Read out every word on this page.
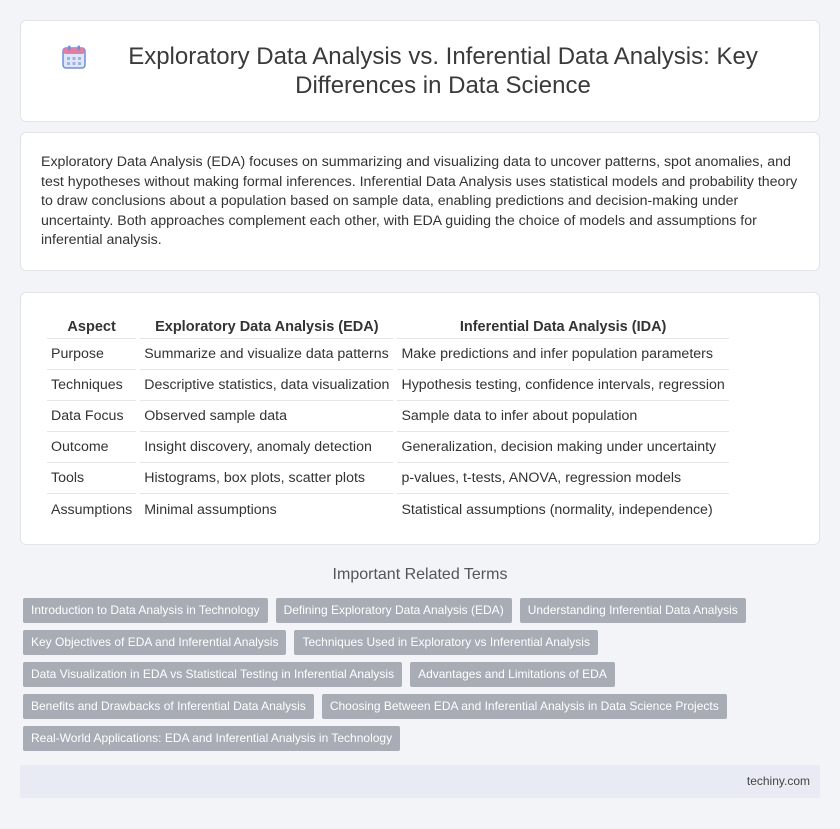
Exploratory Data Analysis vs. Inferential Data Analysis: Key Differences in Data Science

Exploratory Data Analysis (EDA) focuses on summarizing and visualizing data to uncover patterns, spot anomalies, and test hypotheses without making formal inferences. Inferential Data Analysis uses statistical models and probability theory to draw conclusions about a population based on sample data, enabling predictions and decision-making under uncertainty. Both approaches complement each other, with EDA guiding the choice of models and assumptions for inferential analysis.

Aspect	Exploratory Data Analysis (EDA)	Inferential Data Analysis (IDA)
Purpose	Summarize and visualize data patterns	Make predictions and infer population parameters
Techniques	Descriptive statistics, data visualization	Hypothesis testing, confidence intervals, regression
Data Focus	Observed sample data	Sample data to infer about population
Outcome	Insight discovery, anomaly detection	Generalization, decision making under uncertainty
Tools	Histograms, box plots, scatter plots	p-values, t-tests, ANOVA, regression models
Assumptions	Minimal assumptions	Statistical assumptions (normality, independence)
Important Related Terms
Introduction to Data Analysis in Technology	Defining Exploratory Data Analysis (EDA)	Understanding Inferential Data Analysis
Key Objectives of EDA and Inferential Analysis	Techniques Used in Exploratory vs Inferential Analysis
Data Visualization in EDA vs Statistical Testing in Inferential Analysis	Advantages and Limitations of EDA
Benefits and Drawbacks of Inferential Data Analysis	Choosing Between EDA and Inferential Analysis in Data Science Projects
Real-World Applications: EDA and Inferential Analysis in Technology
techiny.com
